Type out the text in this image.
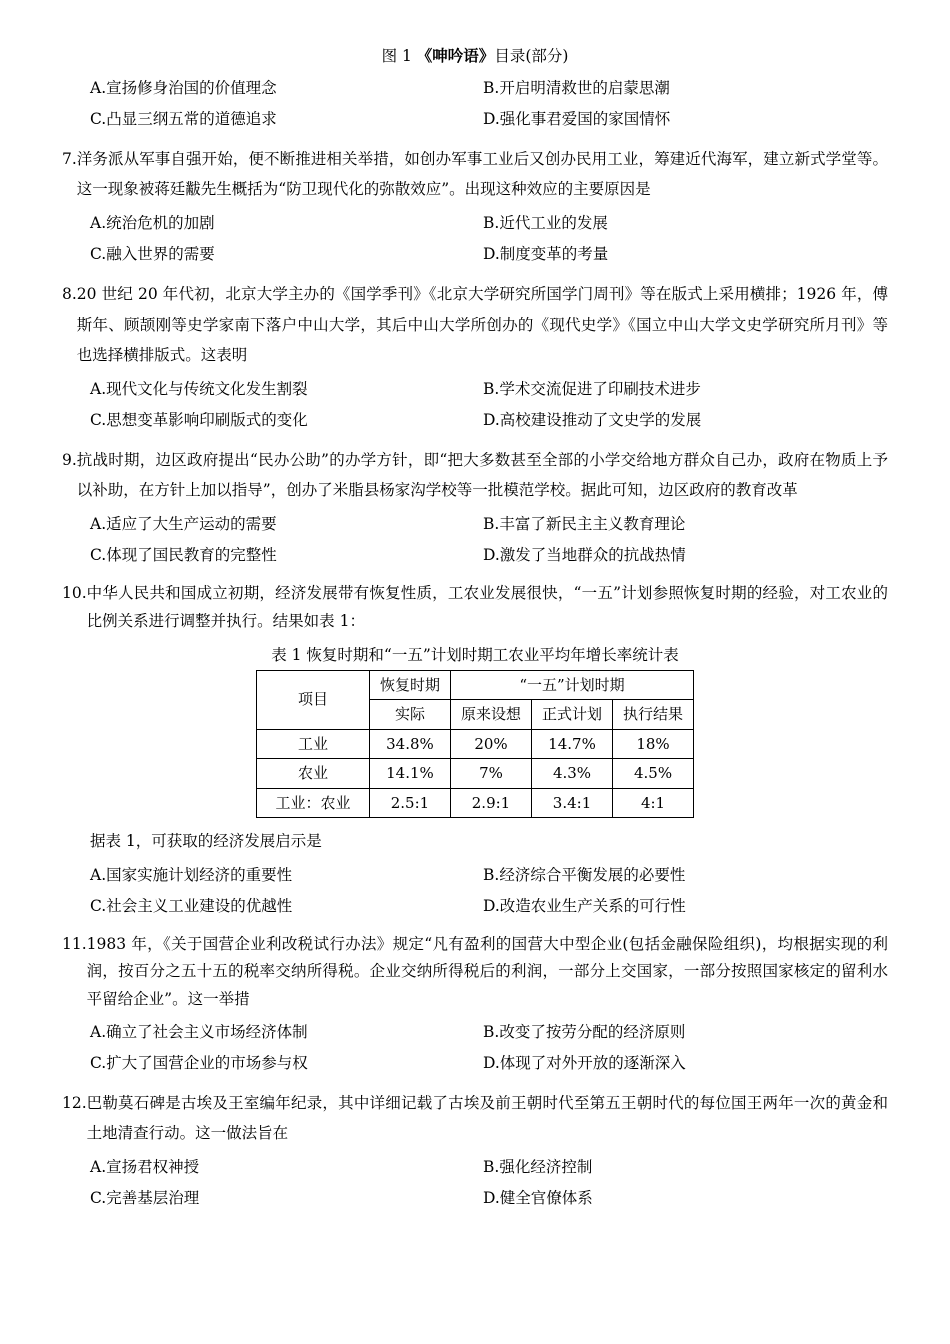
图 1 《呻吟语》目录(部分)
A.宣扬修身治国的价值理念	B.开启明清救世的启蒙思潮
C.凸显三纲五常的道德追求	D.强化事君爱国的家国情怀
7. 洋务派从军事自强开始，便不断推进相关举措，如创办军事工业后又创办民用工业，筹建近代海军，建立新式学堂等。这一现象被蒋廷黻先生概括为“防卫现代化的弥散效应”。出现这种效应的主要原因是
A.统治危机的加剧	B.近代工业的发展
C.融入世界的需要	D.制度变革的考量
8. 20 世纪 20 年代初，北京大学主办的《国学季刊》《北京大学研究所国学门周刊》等在版式上采用横排；1926 年，傅斯年、顾颉刚等史学家南下落户中山大学，其后中山大学所创办的《现代史学》《国立中山大学文史学研究所月刊》等也选择横排版式。这表明
A.现代文化与传统文化发生割裂	B.学术交流促进了印刷技术进步
C.思想变革影响印刷版式的变化	D.高校建设推动了文史学的发展
9. 抗战时期，边区政府提出“民办公助”的办学方针，即“把大多数甚至全部的小学交给地方群众自己办，政府在物质上予以补助，在方针上加以指导”，创办了米脂县杨家沟学校等一批模范学校。据此可知，边区政府的教育改革
A.适应了大生产运动的需要	B.丰富了新民主主义教育理论
C.体现了国民教育的完整性	D.激发了当地群众的抗战热情
10. 中华人民共和国成立初期，经济发展带有恢复性质，工农业发展很快，“一五”计划参照恢复时期的经验，对工农业的比例关系进行调整并执行。结果如表 1：
表 1 恢复时期和“一五”计划时期工农业平均年增长率统计表
项目	恢复时期	“一五”计划时期		
	实际	原来设想	正式计划	执行结果
工业	34.8%	20%	14.7%	18%
农业	14.1%	7%	4.3%	4.5%
工业：农业	2.5:1	2.9:1	3.4:1	4:1
据表 1，可获取的经济发展启示是
A.国家实施计划经济的重要性	B.经济综合平衡发展的必要性
C.社会主义工业建设的优越性	D.改造农业生产关系的可行性
11. 1983 年，《关于国营企业利改税试行办法》规定“凡有盈利的国营大中型企业(包括金融保险组织)，均根据实现的利润，按百分之五十五的税率交纳所得税。企业交纳所得税后的利润，一部分上交国家，一部分按照国家核定的留利水平留给企业”。这一举措
A.确立了社会主义市场经济体制	B.改变了按劳分配的经济原则
C.扩大了国营企业的市场参与权	D.体现了对外开放的逐渐深入
12. 巴勒莫石碑是古埃及王室编年纪录，其中详细记载了古埃及前王朝时代至第五王朝时代的每位国王两年一次的黄金和土地清查行动。这一做法旨在
A.宣扬君权神授	B.强化经济控制
C.完善基层治理	D.健全官僚体系
